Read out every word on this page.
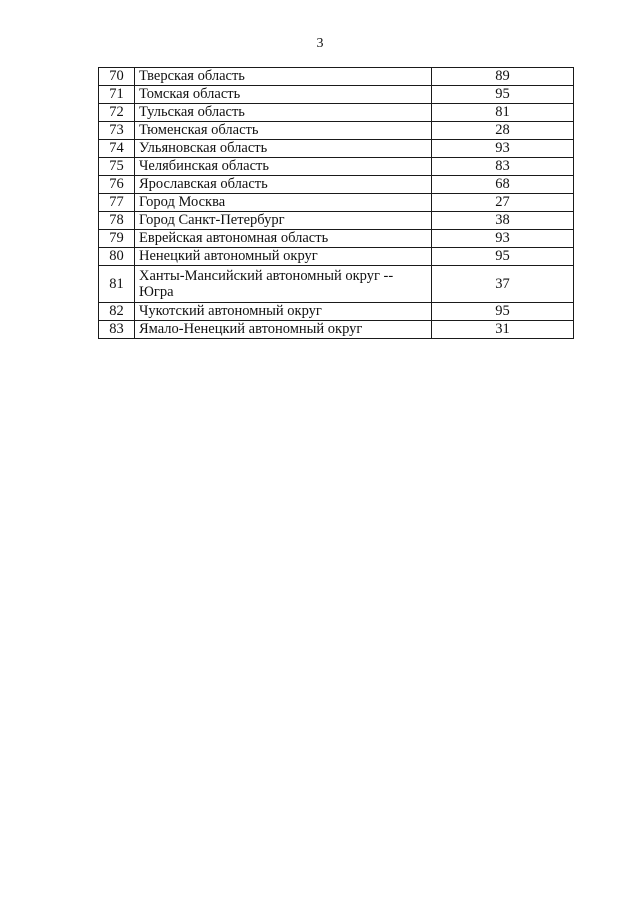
3
70	Тверская область	89
71	Томская область	95
72	Тульская область	81
73	Тюменская область	28
74	Ульяновская область	93
75	Челябинская область	83
76	Ярославская область	68
77	Город Москва	27
78	Город Санкт-Петербург	38
79	Еврейская автономная область	93
80	Ненецкий автономный округ	95
81	Ханты-Мансийский автономный округ -- Югра	37
82	Чукотский автономный округ	95
83	Ямало-Ненецкий автономный округ	31
